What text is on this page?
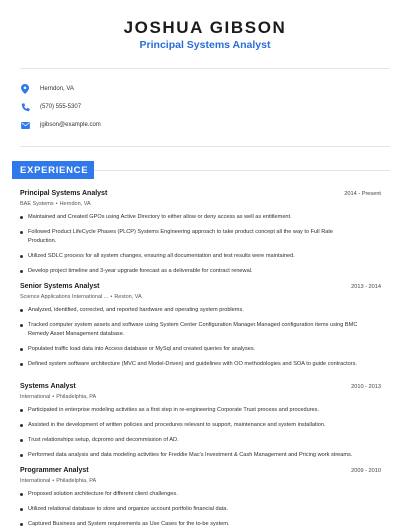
JOSHUA GIBSON
Principal Systems Analyst
Herndon, VA
(570) 555-5307
jgibson@example.com
EXPERIENCE
Principal Systems Analyst	2014 - Present
BAE Systems • Herndon, VA
Maintained and Created GPOs using Active Directory to either allow or deny access as well as entitlement.
Followed Product LifeCycle Phases (PLCP) Systems Engineering approach to take product concept all the way to Full Rate Production.
Utilized SDLC process for all system changes, ensuring all documentation and test results were maintained.
Develop project timeline and 3-year upgrade forecast as a deliverable for contract renewal.
Senior Systems Analyst	2013 - 2014
Science Applications International ... • Reston, VA
Analyzed, identified, corrected, and reported hardware and operating system problems.
Tracked computer system assets and software using System Center Configuration Manager.Managed configuration items using BMC Remedy Asset Management database.
Populated traffic load data into Access database or MySql and created queries for analyses.
Defined system software architecture (MVC and Model-Driven) and guidelines with OO methodologies and SOA to guide contractors.
Systems Analyst	2010 - 2013
International • Philadelphia, PA
Participated in enterprise modeling activities as a first step in re-engineering Corporate Trust process and procedures.
Assisted in the development of written policies and procedures relevant to support, maintenance and system installation.
Trust relationships setup, dcpromo and decommission of AD.
Performed data analysis and data modeling activities for Freddie Mac's Investment & Cash Management and Pricing work streams.
Programmer Analyst	2009 - 2010
International • Philadelphia, PA
Proposed solution architecture for different client challenges.
Utilized relational database to store and organize account portfolio financial data.
Captured Business and System requirements as Use Cases for the to-be system.
